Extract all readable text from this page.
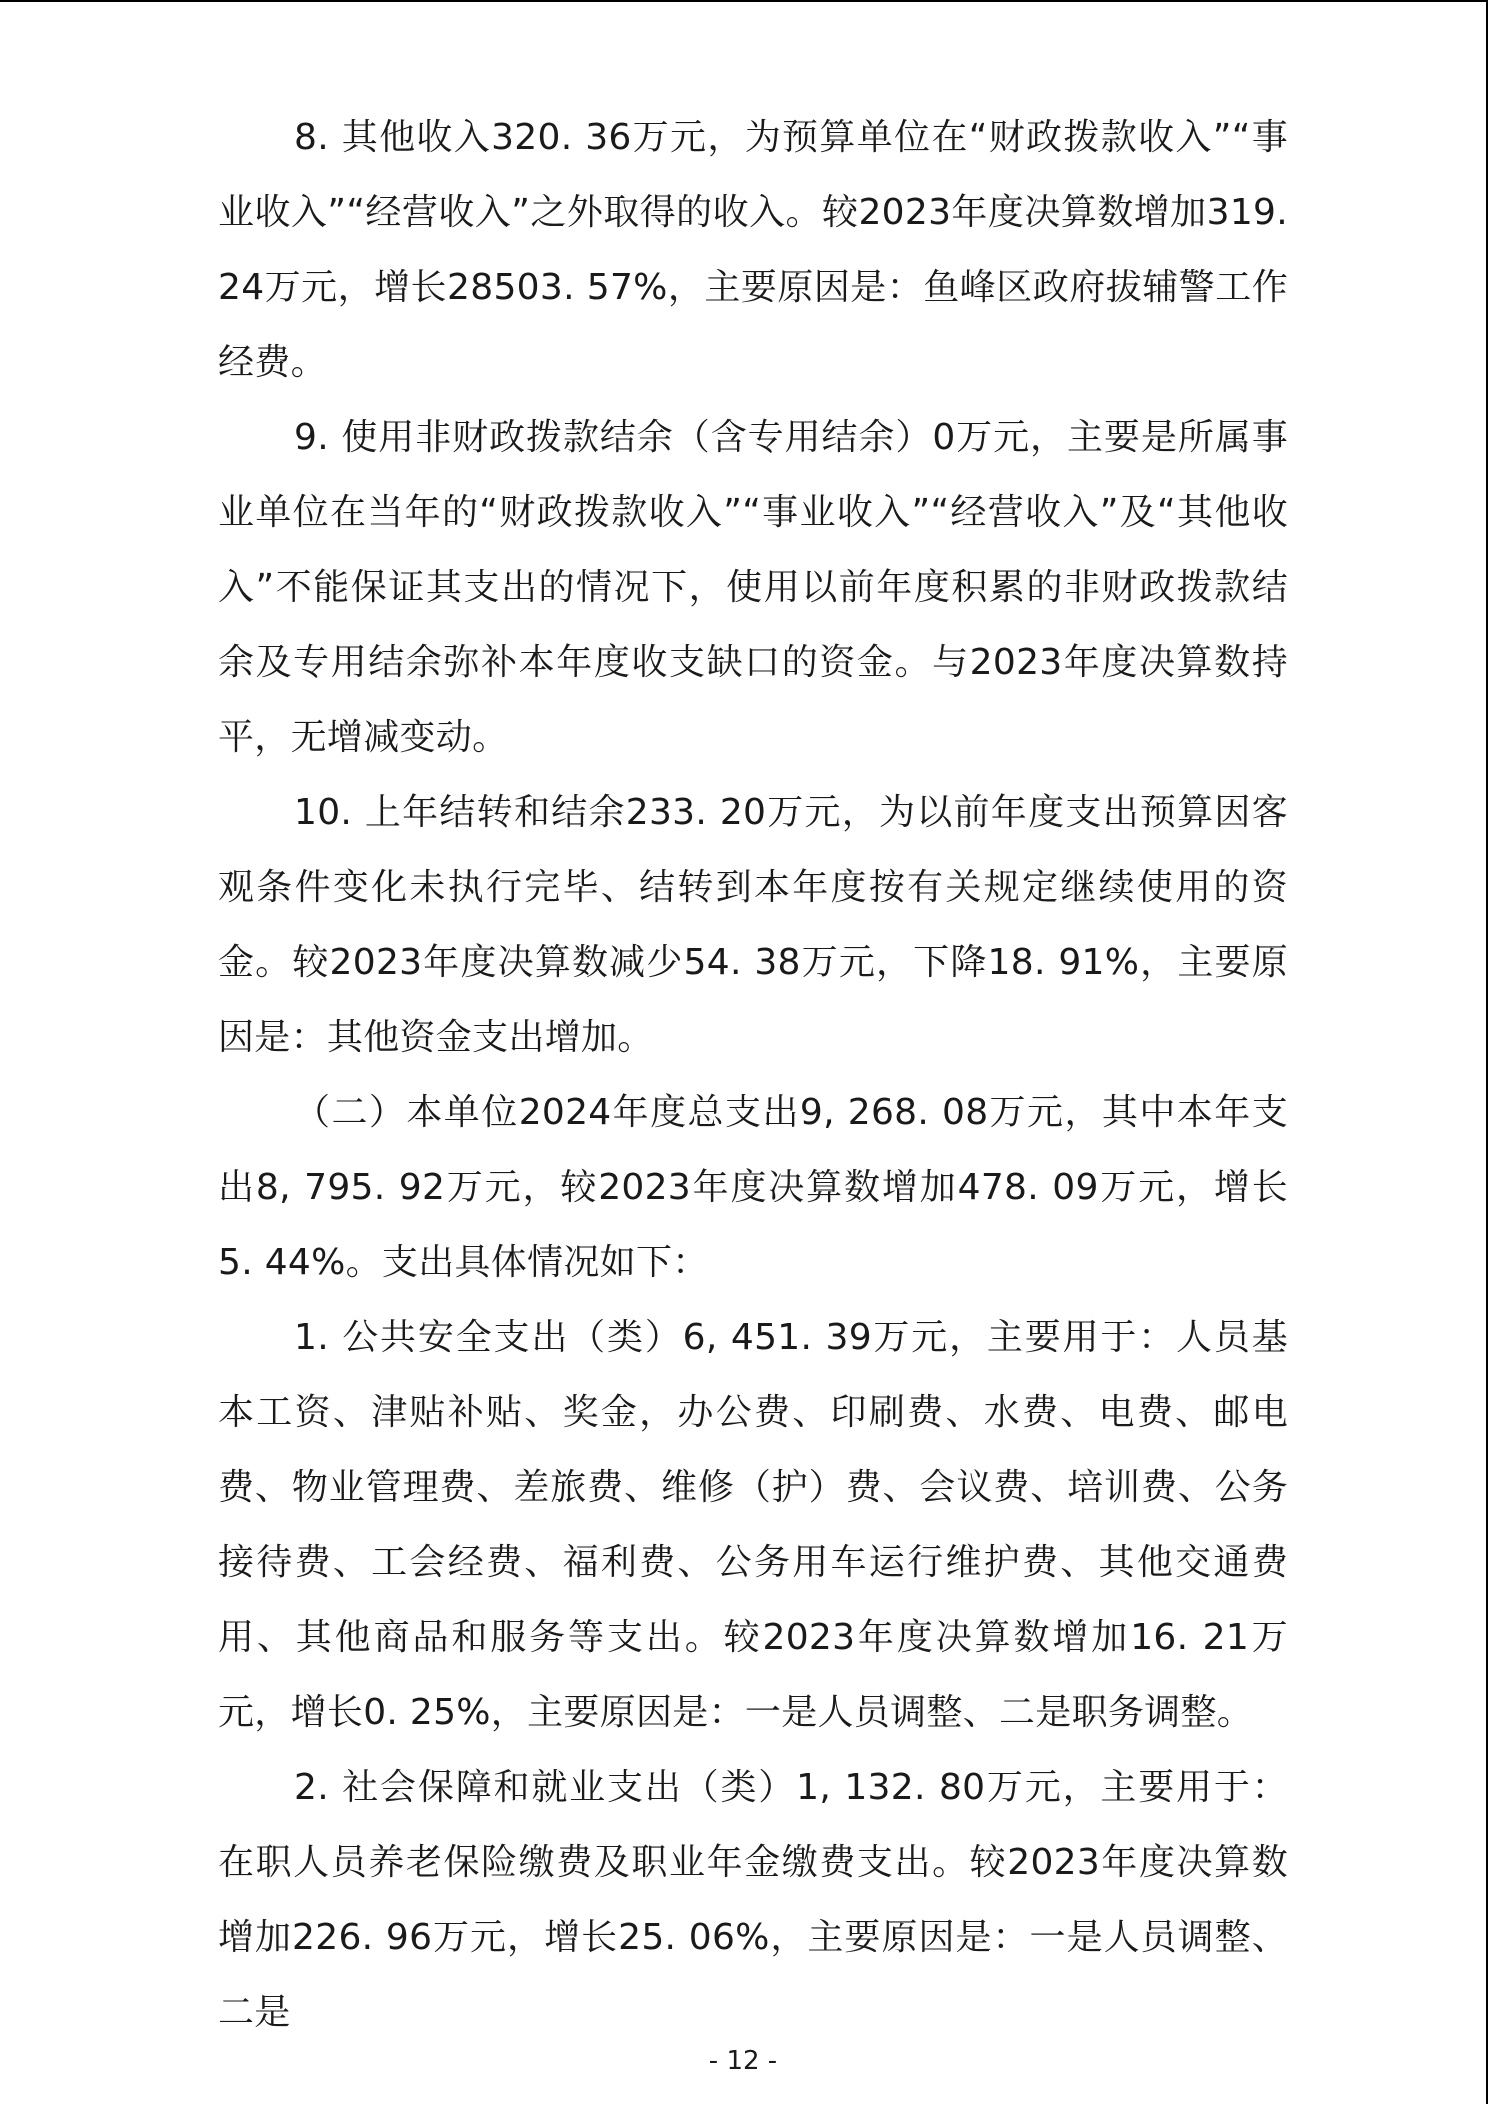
8. 其他收入320. 36万元，为预算单位在“财政拨款收入”“事业收入”“经营收入”之外取得的收入。较2023年度决算数增加319. 24万元，增长28503. 57%，主要原因是：鱼峰区政府拔辅警工作经费。

9. 使用非财政拨款结余（含专用结余）0万元，主要是所属事业单位在当年的“财政拨款收入”“事业收入”“经营收入”及“其他收入”不能保证其支出的情况下，使用以前年度积累的非财政拨款结余及专用结余弥补本年度收支缺口的资金。与2023年度决算数持平，无增减变动。

10. 上年结转和结余233. 20万元，为以前年度支出预算因客观条件变化未执行完毕、结转到本年度按有关规定继续使用的资金。较2023年度决算数减少54. 38万元，下降18. 91%，主要原因是：其他资金支出增加。

（二）本单位2024年度总支出9, 268. 08万元，其中本年支出8, 795. 92万元，较2023年度决算数增加478. 09万元，增长5. 44%。支出具体情况如下：

1. 公共安全支出（类）6, 451. 39万元，主要用于：人员基本工资、津贴补贴、奖金，办公费、印刷费、水费、电费、邮电费、物业管理费、差旅费、维修（护）费、会议费、培训费、公务接待费、工会经费、福利费、公务用车运行维护费、其他交通费用、其他商品和服务等支出。较2023年度决算数增加16. 21万元，增长0. 25%，主要原因是：一是人员调整、二是职务调整。

2. 社会保障和就业支出（类）1, 132. 80万元，主要用于：在职人员养老保险缴费及职业年金缴费支出。较2023年度决算数增加226. 96万元，增长25. 06%，主要原因是：一是人员调整、二是

- 12 -
